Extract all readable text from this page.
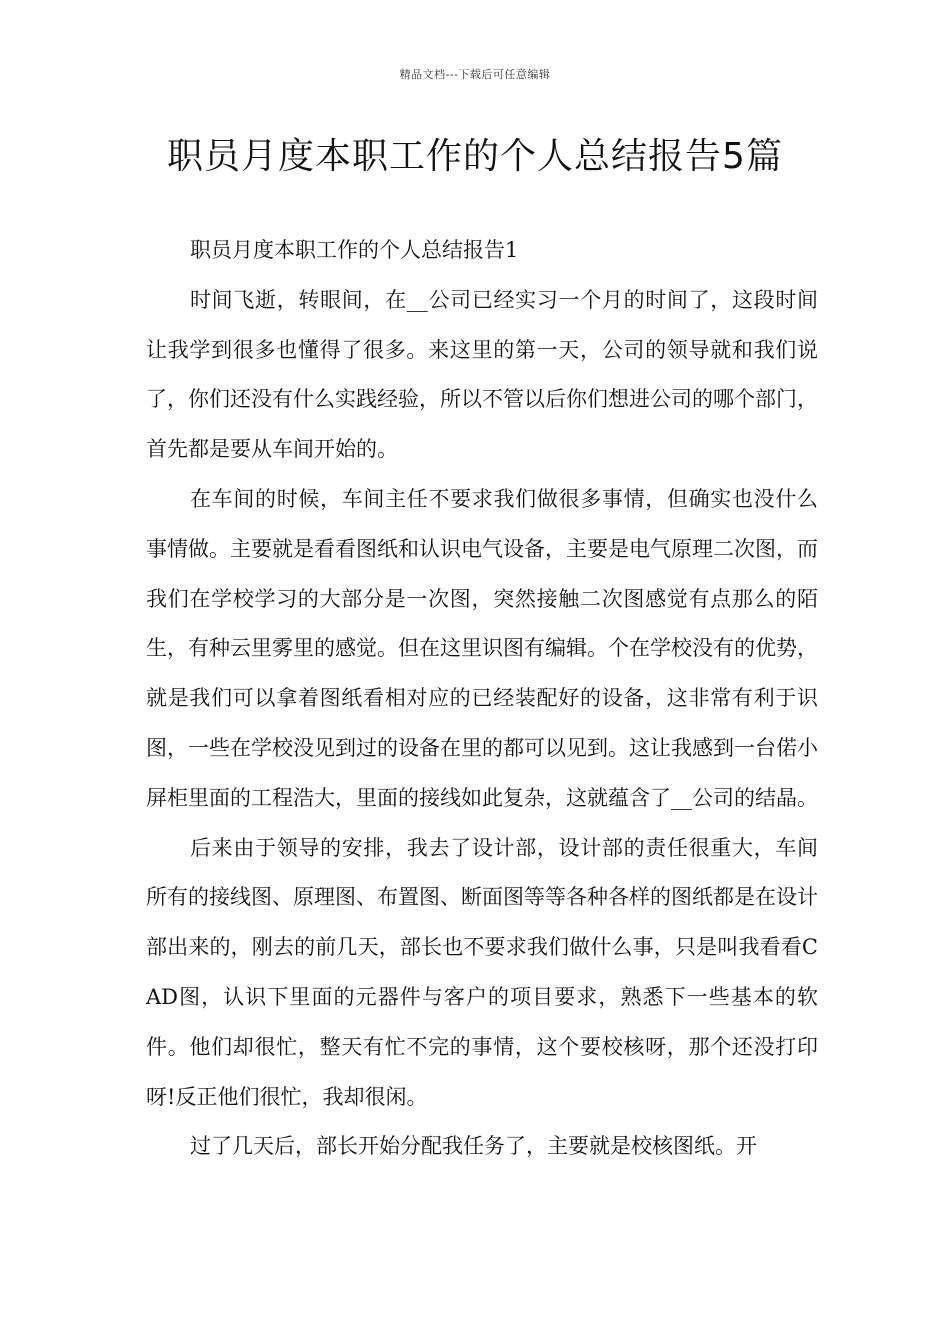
精品文档---下载后可任意编辑
职员月度本职工作的个人总结报告5篇

职员月度本职工作的个人总结报告1

时间飞逝，转眼间，在__公司已经实习一个月的时间了，这段时间让我学到很多也懂得了很多。来这里的第一天，公司的领导就和我们说了，你们还没有什么实践经验，所以不管以后你们想进公司的哪个部门，首先都是要从车间开始的。

在车间的时候，车间主任不要求我们做很多事情，但确实也没什么事情做。主要就是看看图纸和认识电气设备，主要是电气原理二次图，而我们在学校学习的大部分是一次图，突然接触二次图感觉有点那么的陌生，有种云里雾里的感觉。但在这里识图有编辑。个在学校没有的优势，就是我们可以拿着图纸看相对应的已经装配好的设备，这非常有利于识图，一些在学校没见到过的设备在里的都可以见到。这让我感到一台偌小屏柜里面的工程浩大，里面的接线如此复杂，这就蕴含了__公司的结晶。

后来由于领导的安排，我去了设计部，设计部的责任很重大，车间所有的接线图、原理图、布置图、断面图等等各种各样的图纸都是在设计部出来的，刚去的前几天，部长也不要求我们做什么事，只是叫我看看CAD图，认识下里面的元器件与客户的项目要求，熟悉下一些基本的软件。他们却很忙，整天有忙不完的事情，这个要校核呀，那个还没打印呀!反正他们很忙，我却很闲。

过了几天后，部长开始分配我任务了，主要就是校核图纸。开
